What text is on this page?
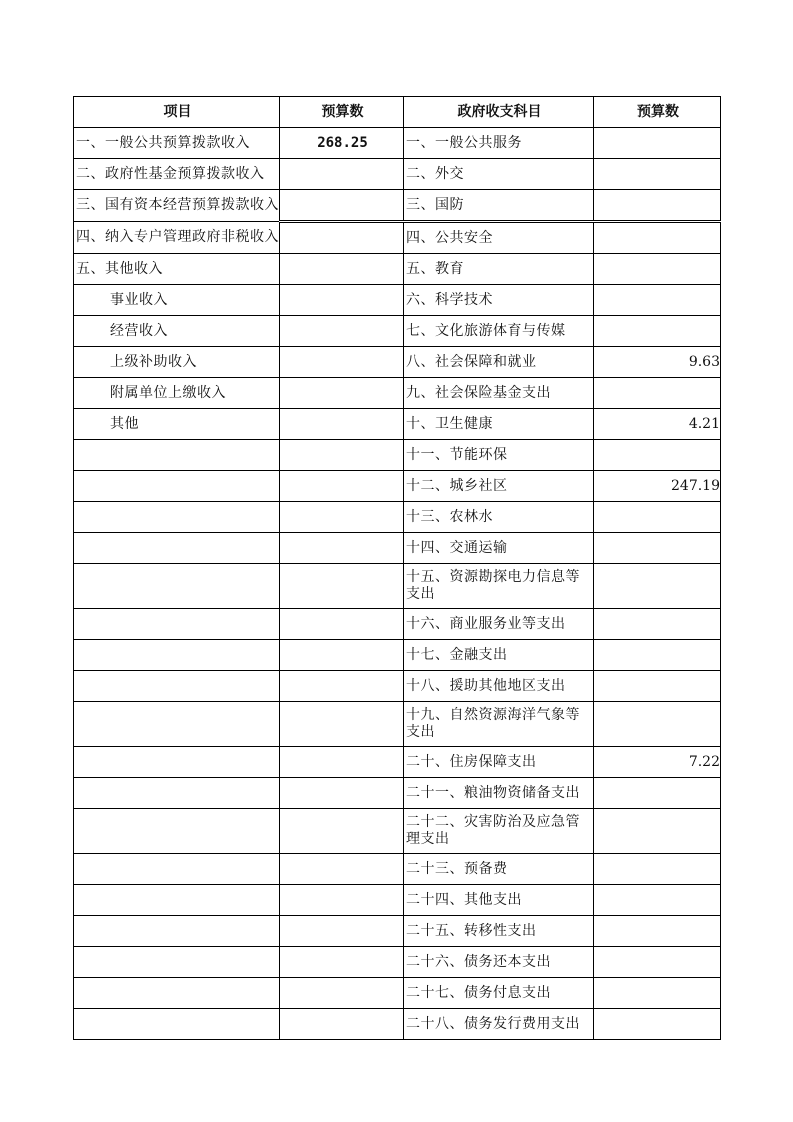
项目	预算数	政府收支科目	预算数
一、一般公共预算拨款收入	268.25	一、一般公共服务	
二、政府性基金预算拨款收入		二、外交	
三、国有资本经营预算拨款收入		三、国防	
四、纳入专户管理政府非税收入		四、公共安全	
五、其他收入		五、教育	
事业收入		六、科学技术	
经营收入		七、文化旅游体育与传媒	
上级补助收入		八、社会保障和就业	9.63
附属单位上缴收入		九、社会保险基金支出	
其他		十、卫生健康	4.21
		十一、节能环保	
		十二、城乡社区	247.19
		十三、农林水	
		十四、交通运输	
		十五、资源勘探电力信息等支出	
		十六、商业服务业等支出	
		十七、金融支出	
		十八、援助其他地区支出	
		十九、自然资源海洋气象等支出	
		二十、住房保障支出	7.22
		二十一、粮油物资储备支出	
		二十二、灾害防治及应急管理支出	
		二十三、预备费	
		二十四、其他支出	
		二十五、转移性支出	
		二十六、债务还本支出	
		二十七、债务付息支出	
		二十八、债务发行费用支出	
